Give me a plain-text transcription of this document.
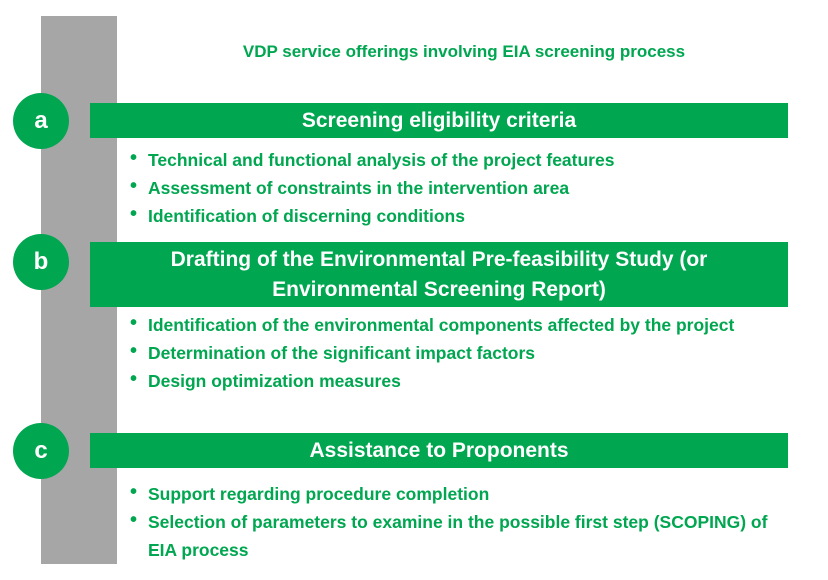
VDP service offerings involving EIA screening process
a	Screening eligibility criteria
• Technical and functional analysis of the project features
• Assessment of constraints in the intervention area
• Identification of discerning conditions
b	Drafting of the Environmental Pre-feasibility Study (or Environmental Screening Report)
• Identification of the environmental components affected by the project
• Determination of the significant impact factors
• Design optimization measures
c	Assistance to Proponents
• Support regarding procedure completion
• Selection of parameters to examine in the possible first step (SCOPING) of EIA process
